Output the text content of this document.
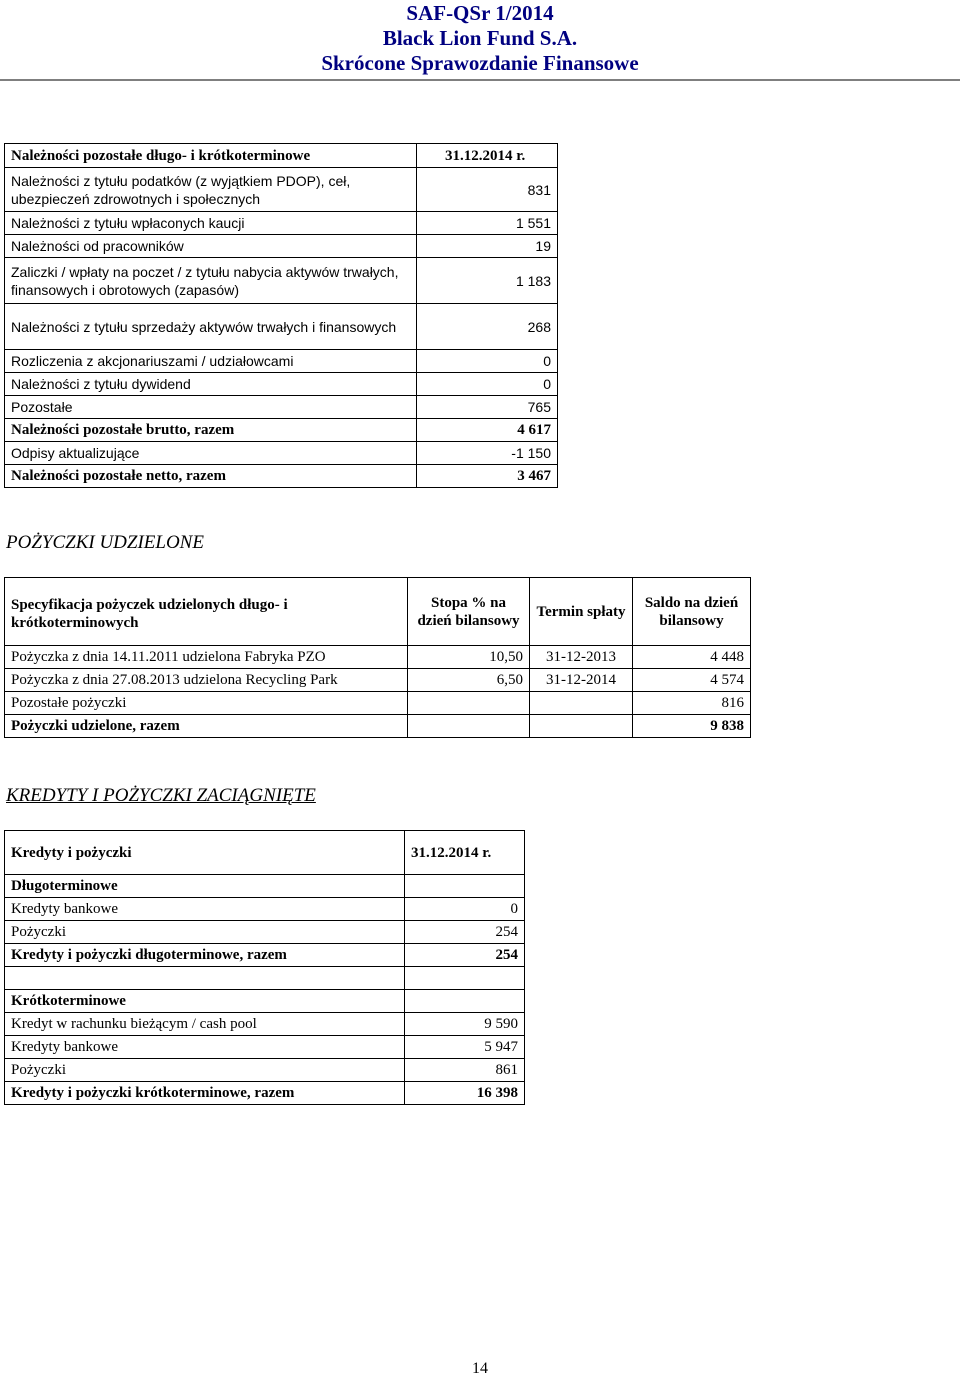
SAF-QSr 1/2014
Black Lion Fund S.A.
Skrócone Sprawozdanie Finansowe
Należności pozostałe długo- i krótkoterminowe	31.12.2014 r.
Należności z tytułu podatków (z wyjątkiem PDOP), ceł, ubezpieczeń zdrowotnych i społecznych	831
Należności z tytułu wpłaconych kaucji	1 551
Należności od pracowników	19
Zaliczki / wpłaty na poczet / z tytułu nabycia aktywów trwałych, finansowych i obrotowych (zapasów)	1 183
Należności z tytułu sprzedaży aktywów trwałych i finansowych	268
Rozliczenia z akcjonariuszami / udziałowcami	0
Należności z tytułu dywidend	0
Pozostałe	765
Należności pozostałe brutto, razem	4 617
Odpisy aktualizujące	-1 150
Należności pozostałe netto, razem	3 467
POŻYCZKI UDZIELONE
Specyfikacja pożyczek udzielonych długo- i krótkoterminowych	Stopa % na dzień bilansowy	Termin spłaty	Saldo na dzień bilansowy
Pożyczka z dnia 14.11.2011 udzielona Fabryka PZO	10,50	31-12-2013	4 448
Pożyczka z dnia 27.08.2013 udzielona Recycling Park	6,50	31-12-2014	4 574
Pozostałe pożyczki			816
Pożyczki udzielone, razem			9 838
KREDYTY I POŻYCZKI ZACIĄGNIĘTE
Kredyty i pożyczki	31.12.2014 r.
Długoterminowe	
Kredyty bankowe	0
Pożyczki	254
Kredyty i pożyczki długoterminowe, razem	254

Krótkoterminowe	
Kredyt w rachunku bieżącym / cash pool	9 590
Kredyty bankowe	5 947
Pożyczki	861
Kredyty i pożyczki krótkoterminowe, razem	16 398
14
